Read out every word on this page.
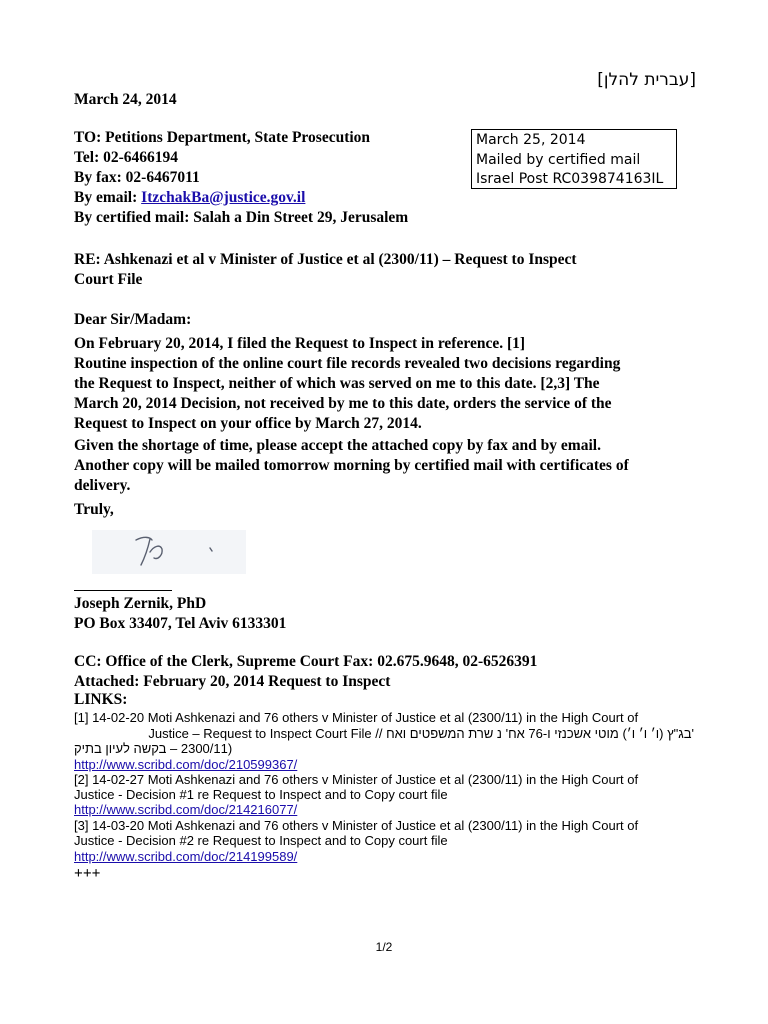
[עברית להלן]
March 24, 2014
TO: Petitions Department, State Prosecution
Tel: 02-6466194
By fax: 02-6467011
By email: ItzchakBa@justice.gov.il
By certified mail: Salah a Din Street 29, Jerusalem
March 25, 2014
Mailed by certified mail
Israel Post RC039874163IL
RE: Ashkenazi et al v Minister of Justice et al (2300/11) – Request to Inspect
Court File
Dear Sir/Madam:
On February 20, 2014, I filed the Request to Inspect in reference. [1]
Routine inspection of the online court file records revealed two decisions regarding
the Request to Inspect, neither of which was served on me to this date. [2,3] The
March 20, 2014 Decision, not received by me to this date, orders the service of the
Request to Inspect on your office by March 27, 2014.
Given the shortage of time, please accept the attached copy by fax and by email.
Another copy will be mailed tomorrow morning by certified mail with certificates of
delivery.
Truly,
Joseph Zernik, PhD
PO Box 33407, Tel Aviv 6133301
CC: Office of the Clerk, Supreme Court Fax: 02.675.9648, 02-6526391
Attached: February 20, 2014 Request to Inspect
LINKS:
[1] 14-02-20 Moti Ashkenazi and 76 others v Minister of Justice et al (2300/11) in the High Court of
Justice – Request to Inspect Court File // בג"ץ (ו׳ ו׳ ו׳) מוטי אשכנזי ו-76 אח' נ שרת המשפטים ואח'
(2300/11 – בקשה לעיון בתיק
http://www.scribd.com/doc/210599367/
[2] 14-02-27 Moti Ashkenazi and 76 others v Minister of Justice et al (2300/11) in the High Court of
Justice - Decision #1 re Request to Inspect and to Copy court file
http://www.scribd.com/doc/214216077/
[3] 14-03-20 Moti Ashkenazi and 76 others v Minister of Justice et al (2300/11) in the High Court of
Justice - Decision #2 re Request to Inspect and to Copy court file
http://www.scribd.com/doc/214199589/
+++
1/2
